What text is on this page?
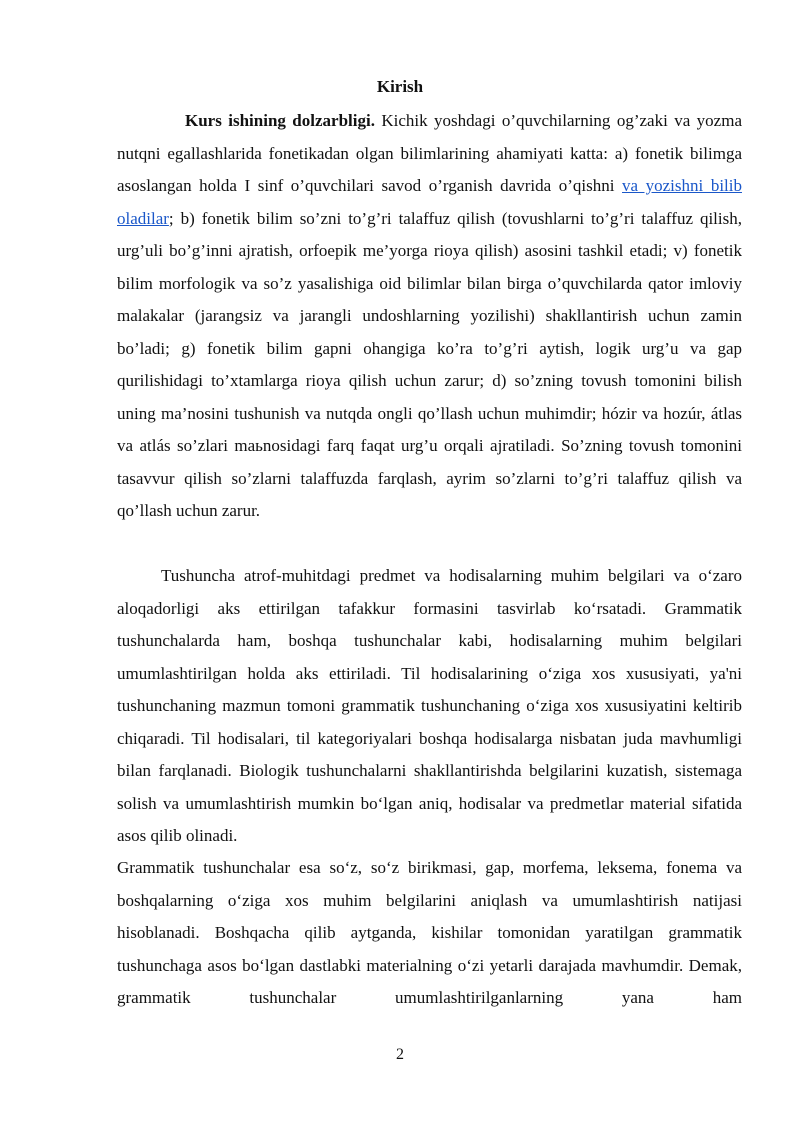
Kirish
Kurs ishining dolzarbligi. Kichik yoshdagi o’quvchilarning og’zaki va yozma nutqni egallashlarida fonetikadan olgan bilimlarining ahamiyati katta: a) fonetik bilimga asoslangan holda I sinf o’quvchilari savod o’rganish davrida o’qishni va yozishni bilib oladilar; b) fonetik bilim so’zni to’g’ri talaffuz qilish (tovushlarni to’g’ri talaffuz qilish, urg’uli bo’g’inni ajratish, orfoepik me’yorga rioya qilish) asosini tashkil etadi; v) fonetik bilim morfologik va so’z yasalishiga oid bilimlar bilan birga o’quvchilarda qator imloviy malakalar (jarangsiz va jarangli undoshlarning yozilishi) shakllantirish uchun zamin bo’ladi; g) fonetik bilim gapni ohangiga ko’ra to’g’ri aytish, logik urg’u va gap qurilishidagi to’xtamlarga rioya qilish uchun zarur; d) so’zning tovush tomonini bilish uning ma’nosini tushunish va nutqda ongli qo’llash uchun muhimdir; hózir va hozúr, átlas va atlás so’zlari maьnosidagi farq faqat urg’u orqali ajratiladi. So’zning tovush tomonini tasavvur qilish so’zlarni talaffuzda farqlash, ayrim so’zlarni to’g’ri talaffuz qilish va qo’llash uchun zarur.
Tushuncha atrof-muhitdagi predmet va hodisalarning muhim belgilari va o‘zaro aloqadorligi aks ettirilgan tafakkur formasini tasvirlab ko‘rsatadi. Grammatik tushunchalarda ham, boshqa tushunchalar kabi, hodisalarning muhim belgilari umumlashtirilgan holda aks ettiriladi. Til hodisalarining o‘ziga xos xususiyati, ya'ni tushunchaning mazmun tomoni grammatik tushunchaning o‘ziga xos xususiyatini keltirib chiqaradi. Til hodisalari, til kategoriyalari boshqa hodisalarga nisbatan juda mavhumligi bilan farqlanadi. Biologik tushunchalarni shakllantirishda belgilarini kuzatish, sistemaga solish va umumlashtirish mumkin bo‘lgan aniq, hodisalar va predmetlar material sifatida asos qilib olinadi.
Grammatik tushunchalar esa so‘z, so‘z birikmasi, gap, morfema, leksema, fonema va boshqalarning o‘ziga xos muhim belgilarini aniqlash va umumlashtirish natijasi hisoblanadi. Boshqacha qilib aytganda, kishilar tomonidan yaratilgan grammatik tushunchaga asos bo‘lgan dastlabki materialning o‘zi yetarli darajada mavhumdir. Demak, grammatik tushunchalar umumlashtirilganlarning yana ham
2
